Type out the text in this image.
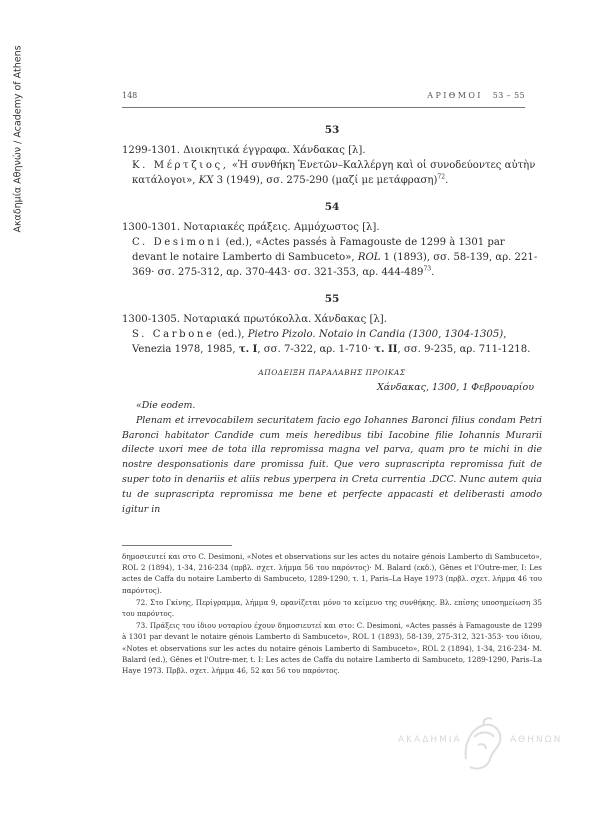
Ακαδημία Αθηνών / Academy of Athens	148	ΑΡΙΘΜΟΙ 53 – 55
53

1299-1301. Διοικητικά έγγραφα. Χάνδακας [λ].

Κ. Μέρτζιος, «Ἡ συνθήκη Ἑνετῶν–Καλλέργη καὶ οἱ συνοδεύοντες αὐτὴν κατάλογοι», ΚΧ 3 (1949), σσ. 275-290 (μαζί με μετάφραση)$^{72}$.

54

1300-1301. Νοταριακές πράξεις. Αμμόχωστος [λ].

C. Desimoni (ed.), «Actes passés à Famagouste de 1299 à 1301 par devant le notaire Lamberto di Sambuceto», ROL 1 (1893), σσ. 58-139, αρ. 221-369· σσ. 275-312, αρ. 370-443· σσ. 321-353, αρ. $444-489^{73}$.

55

1300-1305. Νοταριακά πρωτόκολλα. Χάνδακας [λ].

S. Carbone (ed.), Pietro Pizolo. Notaio in Candia (1300, 1304-1305), Venezia 1978, 1985, τ. I, σσ. 7-322, αρ. 1-710· τ. II, σσ. 9-235, αρ. 711-1218.

ΑΠΟΔΕΙΞΗ ΠΑΡΑΛΑΒΗΣ ΠΡΟΙΚΑΣ
Χάνδακας, 1300, 1 Φεβρουαρίου

«Die eodem.
Plenam et irrevocabilem securitatem facio ego Iohannes Baronci filius condam Petri Baronci habitator Candide cum meis heredibus tibi Iacobine filie Iohannis Murarii dilecte uxori mee de tota illa repromissa magna vel parva, quam pro te michi in die nostre desponsationis dare promissa fuit. Que vero suprascripta repromissa fuit de super toto in denariis et aliis rebus yperpera in Creta currentia .DCC. Nunc autem quia tu de suprascripta repromissa me bene et perfecte appacasti et deliberasti amodo igitur in

δημοσιευτεί και στο C. Desimoni, «Notes et observations sur les actes du notaire génois Lamberto di Sambuceto», ROL 2 (1894), 1-34, 216-234 (πρβλ. σχετ. λήμμα 56 του παρόντος)· M. Balard (εκδ.), Gênes et l'Outre-mer, I: Les actes de Caffa du notaire Lamberto di Sambuceto, 1289-1290, τ. 1, Paris–La Haye 1973 (πρβλ. σχετ. λήμμα 46 του παρόντος).

72. Στο Γκίνης, Περίγραμμα, λήμμα 9, εφανίζεται μόνο το κείμενο της συνθήκης. Βλ. επίσης υποσημείωση 35 του παρόντος.

73. Πράξεις του ίδιου νοταρίου έχουν δημοσιευτεί και στο: C. Desimoni, «Actes passés à Famagouste de 1299 à 1301 par devant le notaire génois Lamberto di Sambuceto», ROL 1 (1893), 58-139, 275-312, 321-353· του ίδιου, «Notes et observations sur les actes du notaire génois Lamberto di Sambuceto», ROL 2 (1894), 1-34, 216-234· M. Balard (ed.), Gênes et l'Outre-mer, t. I: Les actes de Caffa du notaire Lamberto di Sambuceto, 1289-1290, Paris–La Haye 1973. Πρβλ. σχετ. λήμμα 46, 52 και 56 του παρόντος.

ΑΚΑΔΗΜΙΑ	ΑΘΗΝΩΝ
